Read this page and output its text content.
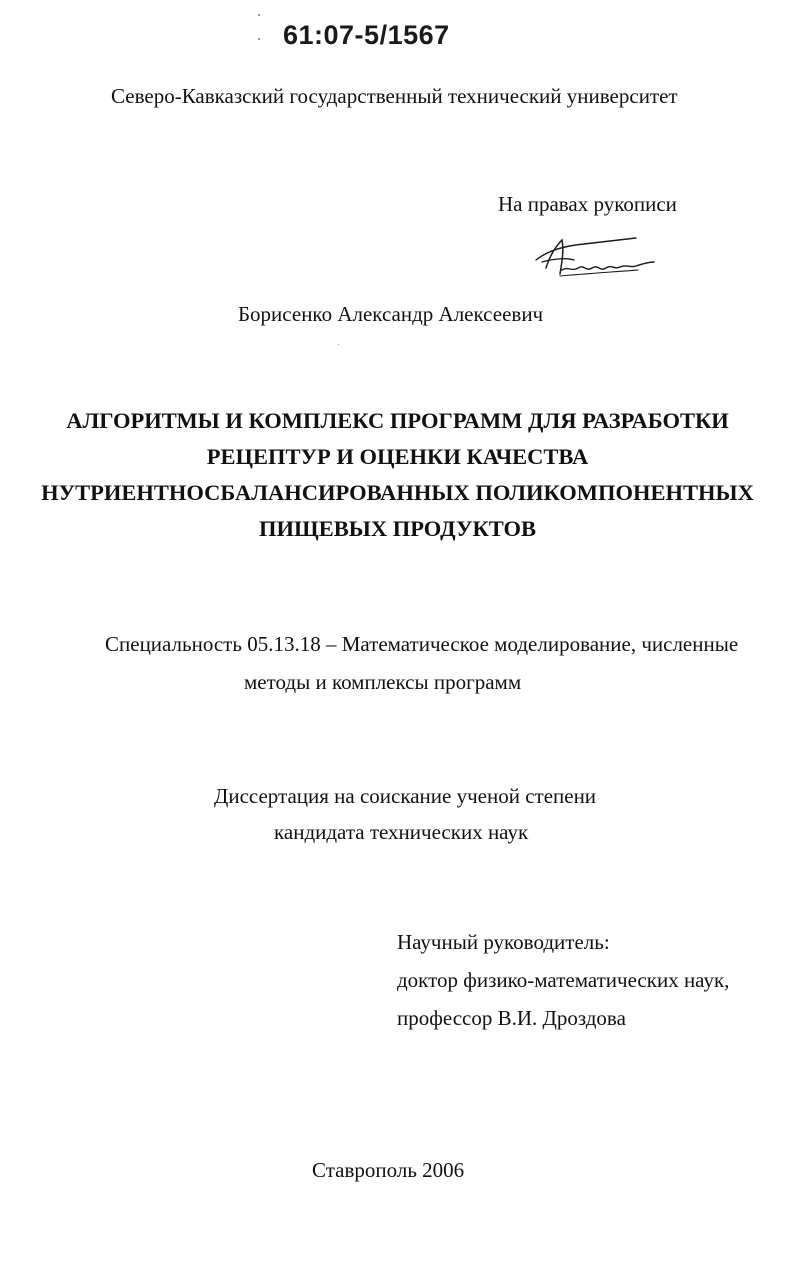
61:07-5/1567
Северо-Кавказский государственный технический университет
На правах рукописи
Борисенко Александр Алексеевич
АЛГОРИТМЫ И КОМПЛЕКС ПРОГРАММ ДЛЯ РАЗРАБОТКИ
РЕЦЕПТУР И ОЦЕНКИ КАЧЕСТВА
НУТРИЕНТНОСБАЛАНСИРОВАННЫХ ПОЛИКОМПОНЕНТНЫХ
ПИЩЕВЫХ ПРОДУКТОВ
Специальность 05.13.18 – Математическое моделирование, численные
методы и комплексы программ
Диссертация на соискание ученой степени
кандидата технических наук
Научный руководитель:
доктор физико-математических наук,
профессор В.И. Дроздова
Ставрополь 2006
